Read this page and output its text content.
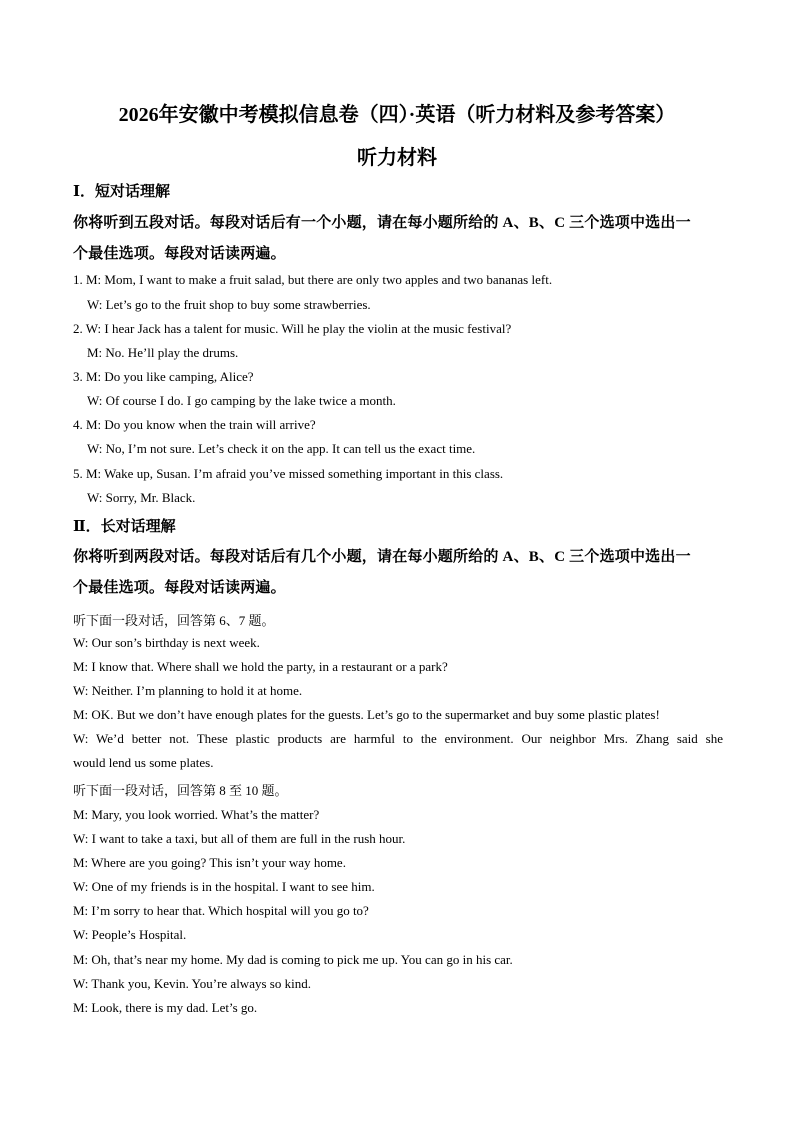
2026年安徽中考模拟信息卷（四）·英语（听力材料及参考答案）
听力材料
Ⅰ．短对话理解
你将听到五段对话。每段对话后有一个小题，请在每小题所给的 A、B、C 三个选项中选出一
个最佳选项。每段对话读两遍。
1. M: Mom, I want to make a fruit salad, but there are only two apples and two bananas left.
W: Let’s go to the fruit shop to buy some strawberries.
2. W: I hear Jack has a talent for music. Will he play the violin at the music festival?
M: No. He’ll play the drums.
3. M: Do you like camping, Alice?
W: Of course I do. I go camping by the lake twice a month.
4. M: Do you know when the train will arrive?
W: No, I’m not sure. Let’s check it on the app. It can tell us the exact time.
5. M: Wake up, Susan. I’m afraid you’ve missed something important in this class.
W: Sorry, Mr. Black.
Ⅱ．长对话理解
你将听到两段对话。每段对话后有几个小题，请在每小题所给的 A、B、C 三个选项中选出一
个最佳选项。每段对话读两遍。
听下面一段对话，回答第 6、7 题。
W: Our son’s birthday is next week.
M: I know that. Where shall we hold the party, in a restaurant or a park?
W: Neither. I’m planning to hold it at home.
M: OK. But we don’t have enough plates for the guests. Let’s go to the supermarket and buy some plastic plates!
W: We’d better not. These plastic products are harmful to the environment. Our neighbor Mrs. Zhang said she
would lend us some plates.
听下面一段对话，回答第 8 至 10 题。
M: Mary, you look worried. What’s the matter?
W: I want to take a taxi, but all of them are full in the rush hour.
M: Where are you going? This isn’t your way home.
W: One of my friends is in the hospital. I want to see him.
M: I’m sorry to hear that. Which hospital will you go to?
W: People’s Hospital.
M: Oh, that’s near my home. My dad is coming to pick me up. You can go in his car.
W: Thank you, Kevin. You’re always so kind.
M: Look, there is my dad. Let’s go.
